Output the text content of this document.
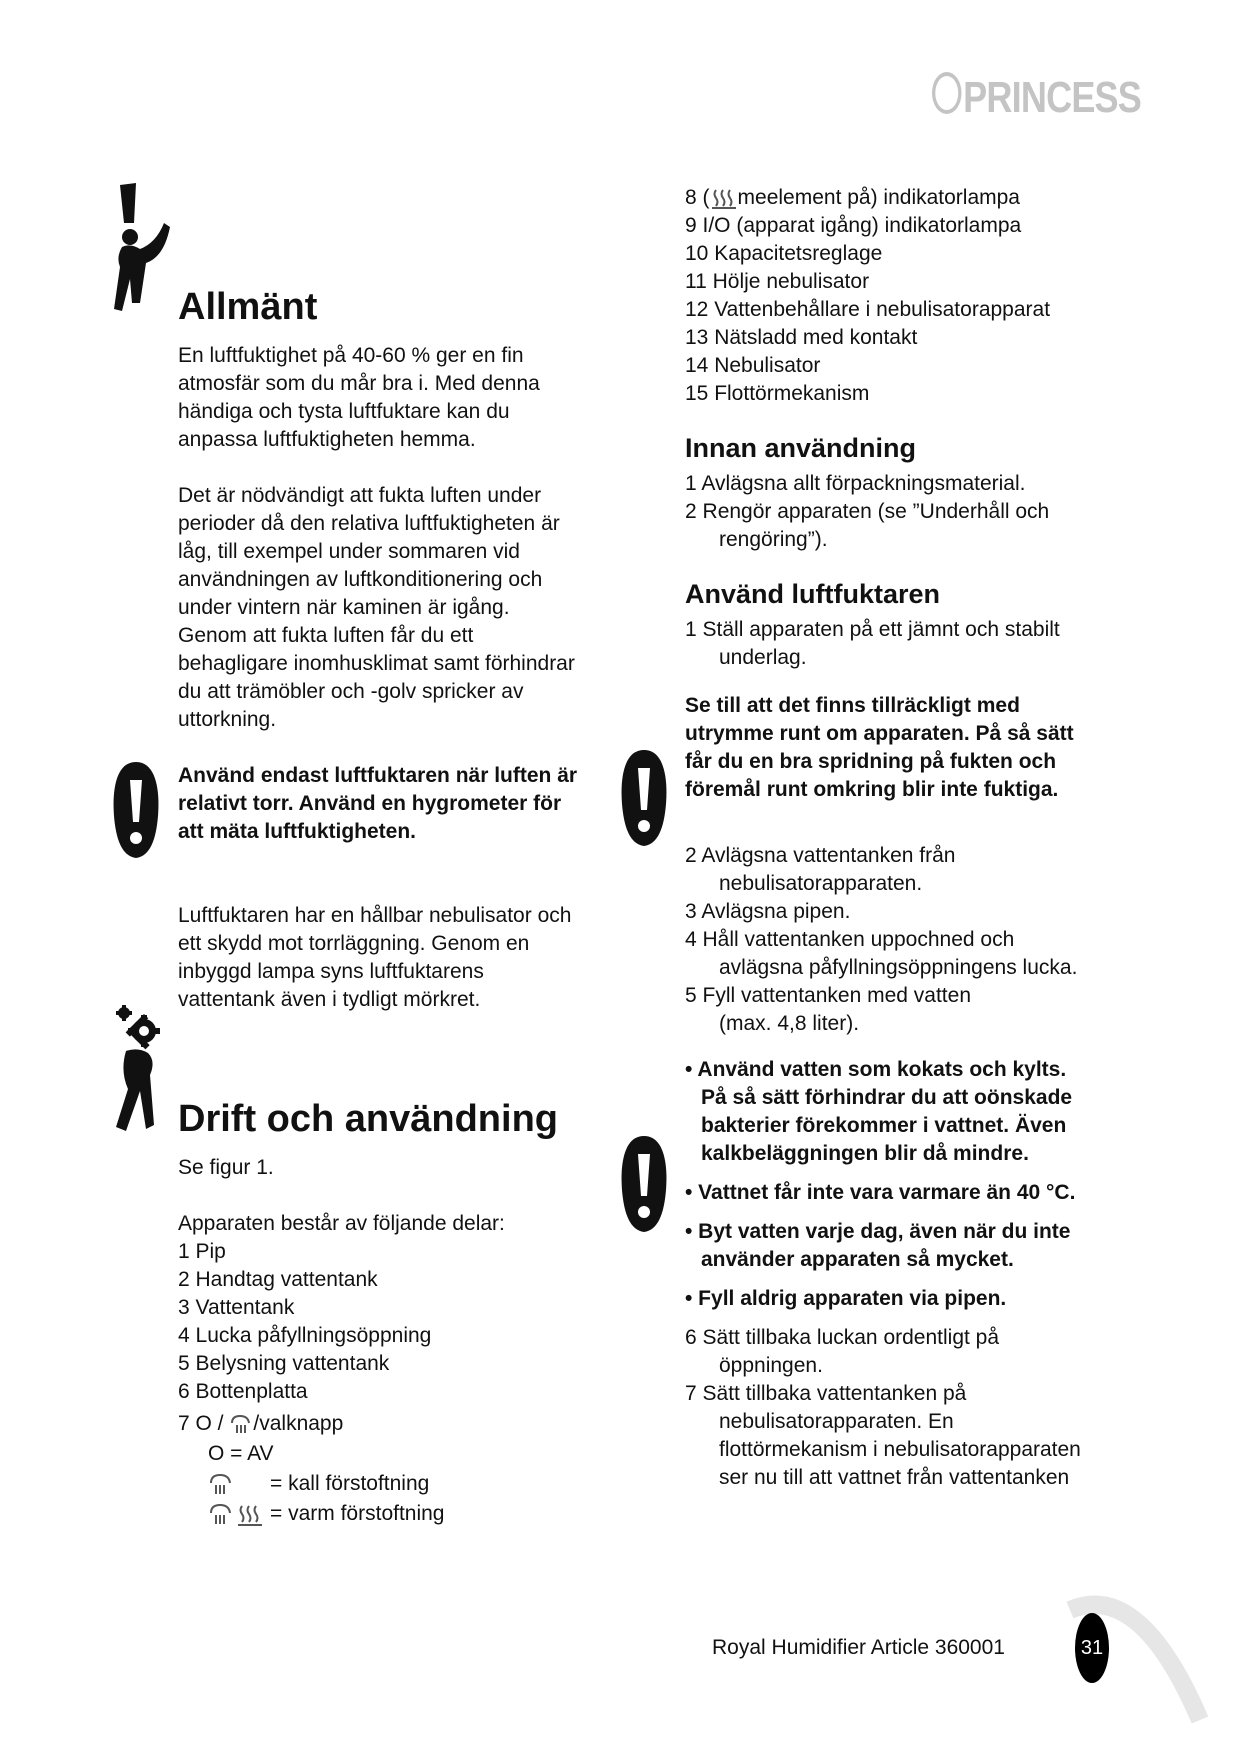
PRINCESS

Allmänt

En luftfuktighet på 40-60 % ger en fin

atmosfär som du mår bra i. Med denna

händiga och tysta luftfuktare kan du

anpassa luftfuktigheten hemma.

Det är nödvändigt att fukta luften under

perioder då den relativa luftfuktigheten är

låg, till exempel under sommaren vid

användningen av luftkonditionering och

under vintern när kaminen är igång.

Genom att fukta luften får du ett

behagligare inomhusklimat samt förhindrar

du att trämöbler och -golv spricker av

uttorkning.

Använd endast luftfuktaren när luften är

relativt torr. Använd en hygrometer för

att mäta luftfuktigheten.

Luftfuktaren har en hållbar nebulisator och

ett skydd mot torrläggning. Genom en

inbyggd lampa syns luftfuktarens

vattentank även i tydligt mörkret.

Drift och användning

Se figur 1.

Apparaten består av följande delar:

1 Pip

2 Handtag vattentank

3 Vattentank

4 Lucka påfyllningsöppning

5 Belysning vattentank

6 Bottenplatta

7 O / /valknapp

O = AV

= kall förstoftning

= varm förstoftning

8 ( meelement på) indikatorlampa

9 I/O (apparat igång) indikatorlampa

10 Kapacitetsreglage

11 Hölje nebulisator

12 Vattenbehållare i nebulisatorapparat

13 Nätsladd med kontakt

14 Nebulisator

15 Flottörmekanism

Innan användning

1 Avlägsna allt förpackningsmaterial.

2 Rengör apparaten (se ”Underhåll och

rengöring”).

Använd luftfuktaren

1 Ställ apparaten på ett jämnt och stabilt

underlag.

Se till att det finns tillräckligt med

utrymme runt om apparaten. På så sätt

får du en bra spridning på fukten och

föremål runt omkring blir inte fuktiga.

2 Avlägsna vattentanken från

nebulisatorapparaten.

3 Avlägsna pipen.

4 Håll vattentanken uppochned och

avlägsna påfyllningsöppningens lucka.

5 Fyll vattentanken med vatten

(max. 4,8 liter).

• Använd vatten som kokats och kylts.

På så sätt förhindrar du att oönskade

bakterier förekommer i vattnet. Även

kalkbeläggningen blir då mindre.

• Vattnet får inte vara varmare än 40 °C.

• Byt vatten varje dag, även när du inte

använder apparaten så mycket.

• Fyll aldrig apparaten via pipen.

6 Sätt tillbaka luckan ordentligt på

öppningen.

7 Sätt tillbaka vattentanken på

nebulisatorapparaten. En

flottörmekanism i nebulisatorapparaten

ser nu till att vattnet från vattentanken

Royal Humidifier Article 360001	31
